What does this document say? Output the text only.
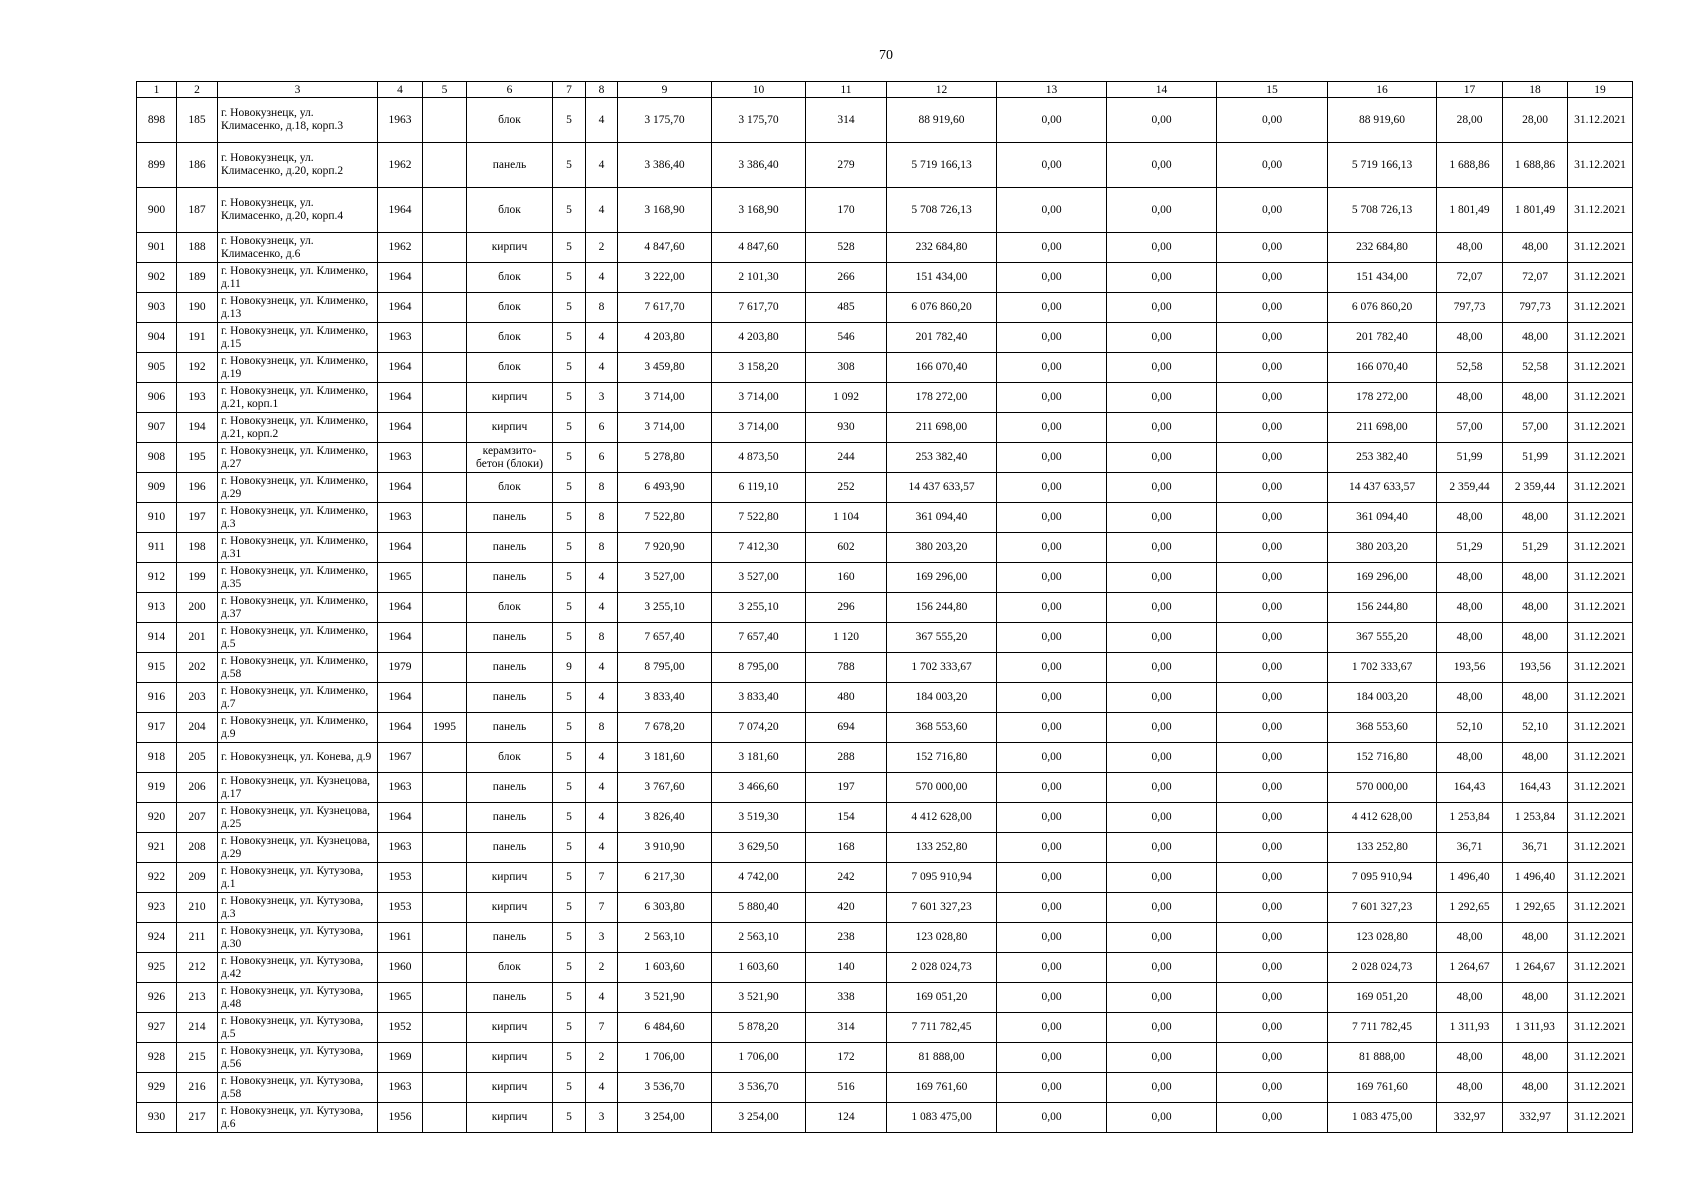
70
1	2	3	4	5	6	7	8	9	10	11	12	13	14	15	16	17	18	19
898	185	г. Новокузнецк, ул. Климасенко, д.18, корп.3	1963		блок	5	4	3 175,70	3 175,70	314	88 919,60	0,00	0,00	0,00	88 919,60	28,00	28,00	31.12.2021
899	186	г. Новокузнецк, ул. Климасенко, д.20, корп.2	1962		панель	5	4	3 386,40	3 386,40	279	5 719 166,13	0,00	0,00	0,00	5 719 166,13	1 688,86	1 688,86	31.12.2021
900	187	г. Новокузнецк, ул. Климасенко, д.20, корп.4	1964		блок	5	4	3 168,90	3 168,90	170	5 708 726,13	0,00	0,00	0,00	5 708 726,13	1 801,49	1 801,49	31.12.2021
901	188	г. Новокузнецк, ул. Климасенко, д.6	1962		кирпич	5	2	4 847,60	4 847,60	528	232 684,80	0,00	0,00	0,00	232 684,80	48,00	48,00	31.12.2021
902	189	г. Новокузнецк, ул. Клименко, д.11	1964		блок	5	4	3 222,00	2 101,30	266	151 434,00	0,00	0,00	0,00	151 434,00	72,07	72,07	31.12.2021
903	190	г. Новокузнецк, ул. Клименко, д.13	1964		блок	5	8	7 617,70	7 617,70	485	6 076 860,20	0,00	0,00	0,00	6 076 860,20	797,73	797,73	31.12.2021
904	191	г. Новокузнецк, ул. Клименко, д.15	1963		блок	5	4	4 203,80	4 203,80	546	201 782,40	0,00	0,00	0,00	201 782,40	48,00	48,00	31.12.2021
905	192	г. Новокузнецк, ул. Клименко, д.19	1964		блок	5	4	3 459,80	3 158,20	308	166 070,40	0,00	0,00	0,00	166 070,40	52,58	52,58	31.12.2021
906	193	г. Новокузнецк, ул. Клименко, д.21, корп.1	1964		кирпич	5	3	3 714,00	3 714,00	1 092	178 272,00	0,00	0,00	0,00	178 272,00	48,00	48,00	31.12.2021
907	194	г. Новокузнецк, ул. Клименко, д.21, корп.2	1964		кирпич	5	6	3 714,00	3 714,00	930	211 698,00	0,00	0,00	0,00	211 698,00	57,00	57,00	31.12.2021
908	195	г. Новокузнецк, ул. Клименко, д.27	1963		керамзито-бетон (блоки)	5	6	5 278,80	4 873,50	244	253 382,40	0,00	0,00	0,00	253 382,40	51,99	51,99	31.12.2021
909	196	г. Новокузнецк, ул. Клименко, д.29	1964		блок	5	8	6 493,90	6 119,10	252	14 437 633,57	0,00	0,00	0,00	14 437 633,57	2 359,44	2 359,44	31.12.2021
910	197	г. Новокузнецк, ул. Клименко, д.3	1963		панель	5	8	7 522,80	7 522,80	1 104	361 094,40	0,00	0,00	0,00	361 094,40	48,00	48,00	31.12.2021
911	198	г. Новокузнецк, ул. Клименко, д.31	1964		панель	5	8	7 920,90	7 412,30	602	380 203,20	0,00	0,00	0,00	380 203,20	51,29	51,29	31.12.2021
912	199	г. Новокузнецк, ул. Клименко, д.35	1965		панель	5	4	3 527,00	3 527,00	160	169 296,00	0,00	0,00	0,00	169 296,00	48,00	48,00	31.12.2021
913	200	г. Новокузнецк, ул. Клименко, д.37	1964		блок	5	4	3 255,10	3 255,10	296	156 244,80	0,00	0,00	0,00	156 244,80	48,00	48,00	31.12.2021
914	201	г. Новокузнецк, ул. Клименко, д.5	1964		панель	5	8	7 657,40	7 657,40	1 120	367 555,20	0,00	0,00	0,00	367 555,20	48,00	48,00	31.12.2021
915	202	г. Новокузнецк, ул. Клименко, д.58	1979		панель	9	4	8 795,00	8 795,00	788	1 702 333,67	0,00	0,00	0,00	1 702 333,67	193,56	193,56	31.12.2021
916	203	г. Новокузнецк, ул. Клименко, д.7	1964		панель	5	4	3 833,40	3 833,40	480	184 003,20	0,00	0,00	0,00	184 003,20	48,00	48,00	31.12.2021
917	204	г. Новокузнецк, ул. Клименко, д.9	1964	1995	панель	5	8	7 678,20	7 074,20	694	368 553,60	0,00	0,00	0,00	368 553,60	52,10	52,10	31.12.2021
918	205	г. Новокузнецк, ул. Конева, д.9	1967		блок	5	4	3 181,60	3 181,60	288	152 716,80	0,00	0,00	0,00	152 716,80	48,00	48,00	31.12.2021
919	206	г. Новокузнецк, ул. Кузнецова, д.17	1963		панель	5	4	3 767,60	3 466,60	197	570 000,00	0,00	0,00	0,00	570 000,00	164,43	164,43	31.12.2021
920	207	г. Новокузнецк, ул. Кузнецова, д.25	1964		панель	5	4	3 826,40	3 519,30	154	4 412 628,00	0,00	0,00	0,00	4 412 628,00	1 253,84	1 253,84	31.12.2021
921	208	г. Новокузнецк, ул. Кузнецова, д.29	1963		панель	5	4	3 910,90	3 629,50	168	133 252,80	0,00	0,00	0,00	133 252,80	36,71	36,71	31.12.2021
922	209	г. Новокузнецк, ул. Кутузова, д.1	1953		кирпич	5	7	6 217,30	4 742,00	242	7 095 910,94	0,00	0,00	0,00	7 095 910,94	1 496,40	1 496,40	31.12.2021
923	210	г. Новокузнецк, ул. Кутузова, д.3	1953		кирпич	5	7	6 303,80	5 880,40	420	7 601 327,23	0,00	0,00	0,00	7 601 327,23	1 292,65	1 292,65	31.12.2021
924	211	г. Новокузнецк, ул. Кутузова, д.30	1961		панель	5	3	2 563,10	2 563,10	238	123 028,80	0,00	0,00	0,00	123 028,80	48,00	48,00	31.12.2021
925	212	г. Новокузнецк, ул. Кутузова, д.42	1960		блок	5	2	1 603,60	1 603,60	140	2 028 024,73	0,00	0,00	0,00	2 028 024,73	1 264,67	1 264,67	31.12.2021
926	213	г. Новокузнецк, ул. Кутузова, д.48	1965		панель	5	4	3 521,90	3 521,90	338	169 051,20	0,00	0,00	0,00	169 051,20	48,00	48,00	31.12.2021
927	214	г. Новокузнецк, ул. Кутузова, д.5	1952		кирпич	5	7	6 484,60	5 878,20	314	7 711 782,45	0,00	0,00	0,00	7 711 782,45	1 311,93	1 311,93	31.12.2021
928	215	г. Новокузнецк, ул. Кутузова, д.56	1969		кирпич	5	2	1 706,00	1 706,00	172	81 888,00	0,00	0,00	0,00	81 888,00	48,00	48,00	31.12.2021
929	216	г. Новокузнецк, ул. Кутузова, д.58	1963		кирпич	5	4	3 536,70	3 536,70	516	169 761,60	0,00	0,00	0,00	169 761,60	48,00	48,00	31.12.2021
930	217	г. Новокузнецк, ул. Кутузова, д.6	1956		кирпич	5	3	3 254,00	3 254,00	124	1 083 475,00	0,00	0,00	0,00	1 083 475,00	332,97	332,97	31.12.2021
